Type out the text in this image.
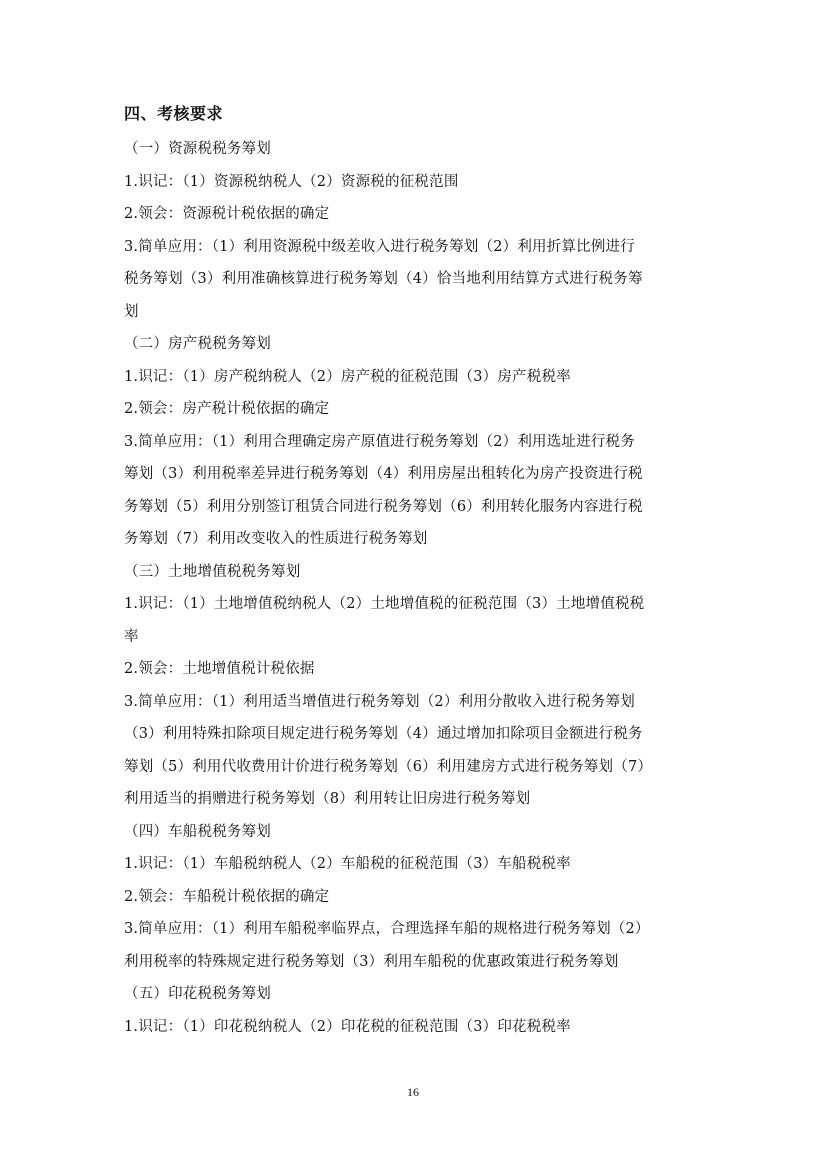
四、考核要求
（一）资源税税务筹划
1.识记：（1）资源税纳税人（2）资源税的征税范围
2.领会：资源税计税依据的确定
3.简单应用：（1）利用资源税中级差收入进行税务筹划（2）利用折算比例进行
税务筹划（3）利用准确核算进行税务筹划（4）恰当地利用结算方式进行税务筹
划
（二）房产税税务筹划
1.识记：（1）房产税纳税人（2）房产税的征税范围（3）房产税税率
2.领会：房产税计税依据的确定
3.简单应用：（1）利用合理确定房产原值进行税务筹划（2）利用选址进行税务
筹划（3）利用税率差异进行税务筹划（4）利用房屋出租转化为房产投资进行税
务筹划（5）利用分别签订租赁合同进行税务筹划（6）利用转化服务内容进行税
务筹划（7）利用改变收入的性质进行税务筹划
（三）土地增值税税务筹划
1.识记：（1）土地增值税纳税人（2）土地增值税的征税范围（3）土地增值税税
率
2.领会：土地增值税计税依据
3.简单应用：（1）利用适当增值进行税务筹划（2）利用分散收入进行税务筹划
（3）利用特殊扣除项目规定进行税务筹划（4）通过增加扣除项目金额进行税务
筹划（5）利用代收费用计价进行税务筹划（6）利用建房方式进行税务筹划（7）
利用适当的捐赠进行税务筹划（8）利用转让旧房进行税务筹划
（四）车船税税务筹划
1.识记：（1）车船税纳税人（2）车船税的征税范围（3）车船税税率
2.领会：车船税计税依据的确定
3.简单应用：（1）利用车船税率临界点，合理选择车船的规格进行税务筹划（2）
利用税率的特殊规定进行税务筹划（3）利用车船税的优惠政策进行税务筹划
（五）印花税税务筹划
1.识记：（1）印花税纳税人（2）印花税的征税范围（3）印花税税率
16
